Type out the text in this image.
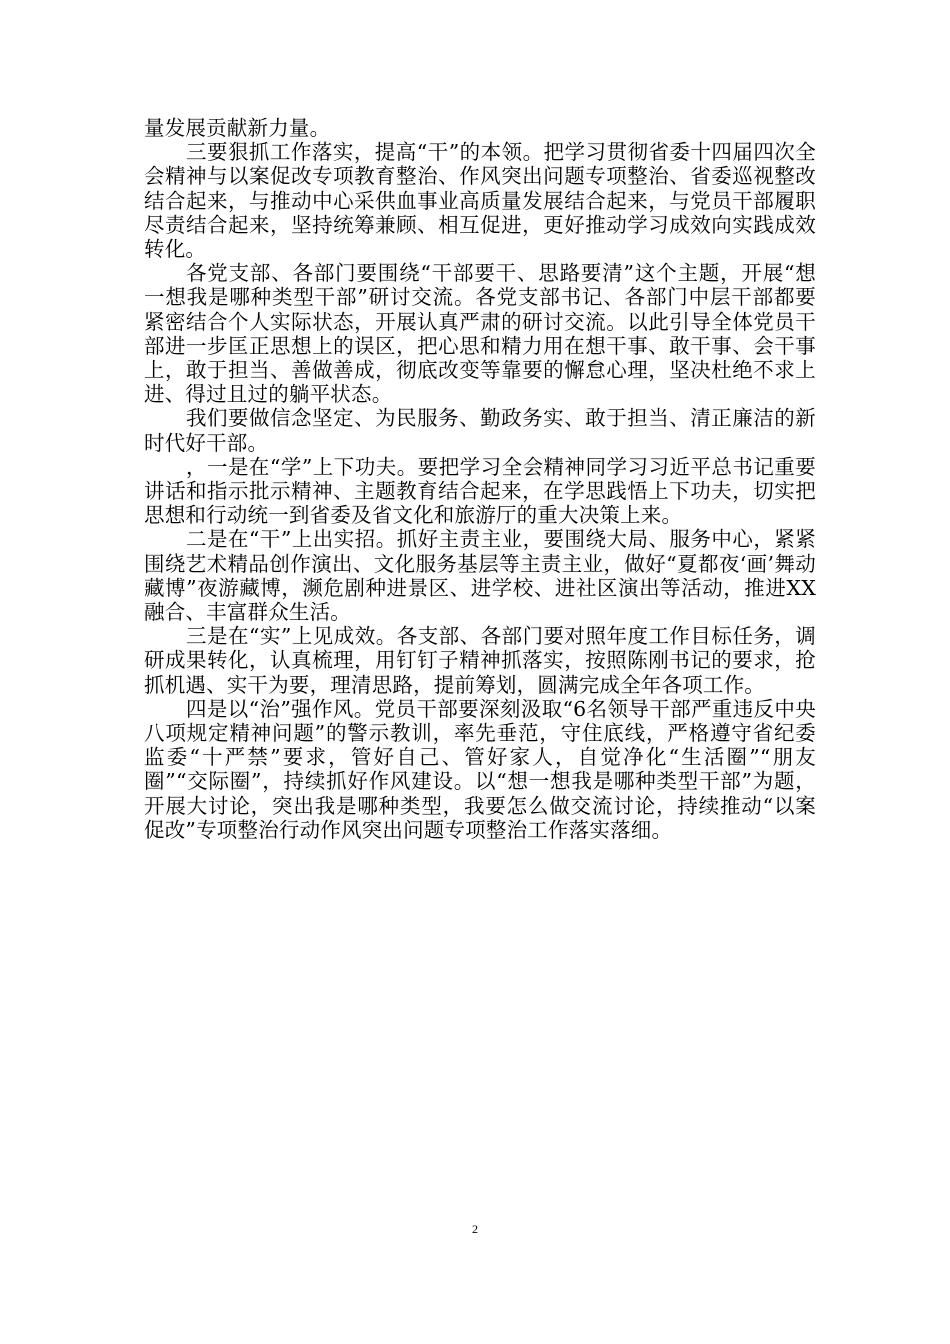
量发展贡献新力量。

三要狠抓工作落实，提高“干”的本领。把学习贯彻省委十四届四次全会精神与以案促改专项教育整治、作风突出问题专项整治、省委巡视整改结合起来，与推动中心采供血事业高质量发展结合起来，与党员干部履职尽责结合起来，坚持统筹兼顾、相互促进，更好推动学习成效向实践成效转化。

各党支部、各部门要围绕“干部要干、思路要清”这个主题，开展“想一想我是哪种类型干部”研讨交流。各党支部书记、各部门中层干部都要紧密结合个人实际状态，开展认真严肃的研讨交流。以此引导全体党员干部进一步匡正思想上的误区，把心思和精力用在想干事、敢干事、会干事上，敢于担当、善做善成，彻底改变等靠要的懈怠心理，坚决杜绝不求上进、得过且过的躺平状态。

我们要做信念坚定、为民服务、勤政务实、敢于担当、清正廉洁的新时代好干部。

，一是在“学”上下功夫。要把学习全会精神同学习习近平总书记重要讲话和指示批示精神、主题教育结合起来，在学思践悟上下功夫，切实把思想和行动统一到省委及省文化和旅游厅的重大决策上来。

二是在“干”上出实招。抓好主责主业，要围绕大局、服务中心，紧紧围绕艺术精品创作演出、文化服务基层等主责主业，做好“夏都夜‘画’舞动藏博”夜游藏博，濒危剧种进景区、进学校、进社区演出等活动，推进XX融合、丰富群众生活。

三是在“实”上见成效。各支部、各部门要对照年度工作目标任务，调研成果转化，认真梳理，用钉钉子精神抓落实，按照陈刚书记的要求，抢抓机遇、实干为要，理清思路，提前筹划，圆满完成全年各项工作。

四是以“治”强作风。党员干部要深刻汲取“6名领导干部严重违反中央八项规定精神问题”的警示教训，率先垂范，守住底线，严格遵守省纪委监委“十严禁”要求，管好自己、管好家人，自觉净化“生活圈”“朋友圈”“交际圈”，持续抓好作风建设。以“想一想我是哪种类型干部”为题，开展大讨论，突出我是哪种类型，我要怎么做交流讨论，持续推动“以案促改”专项整治行动作风突出问题专项整治工作落实落细。

2
